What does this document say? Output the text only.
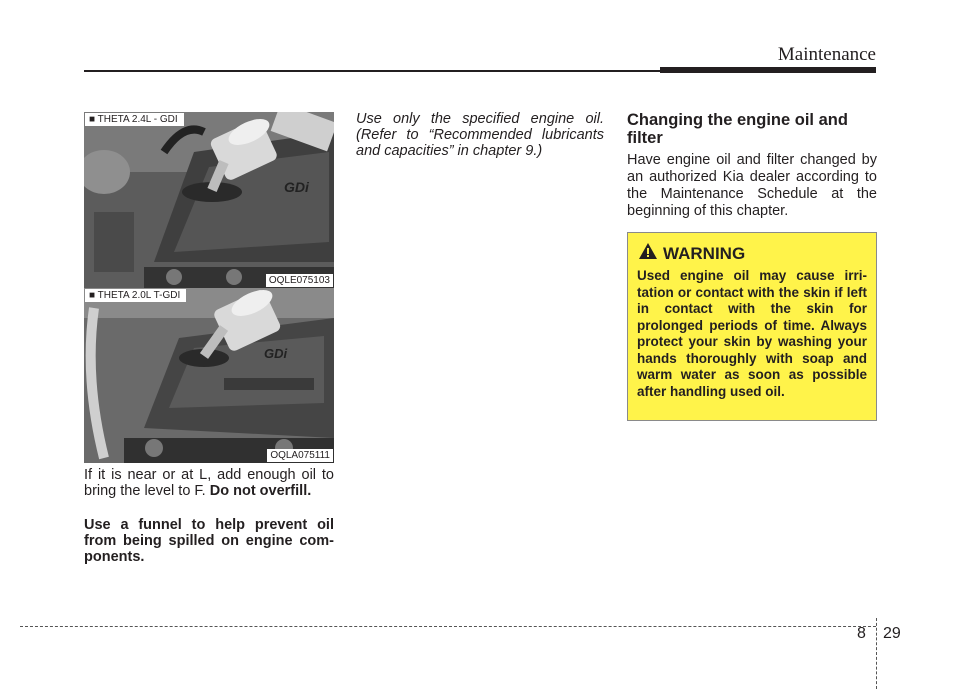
Maintenance
GDi
■ THETA 2.4L - GDI
OQLE075103
GDi
■ THETA 2.0L T-GDI
OQLA075111

If it is near or at L, add enough oil to bring the level to F. Do not overfill.

Use a funnel to help prevent oil from being spilled on engine com-ponents.

Use only the specified engine oil. (Refer to “Recommended lubricants and capacities” in chapter 9.)

Changing the engine oil and filter

Have engine oil and filter changed by an authorized Kia dealer according to the Maintenance Schedule at the beginning of this chapter.

WARNING

Used engine oil may cause irri-tation or contact with the skin if left in contact with the skin for prolonged periods of time. Always protect your skin by washing your hands thoroughly with soap and warm water as soon as possible after handling used oil.

8 29
